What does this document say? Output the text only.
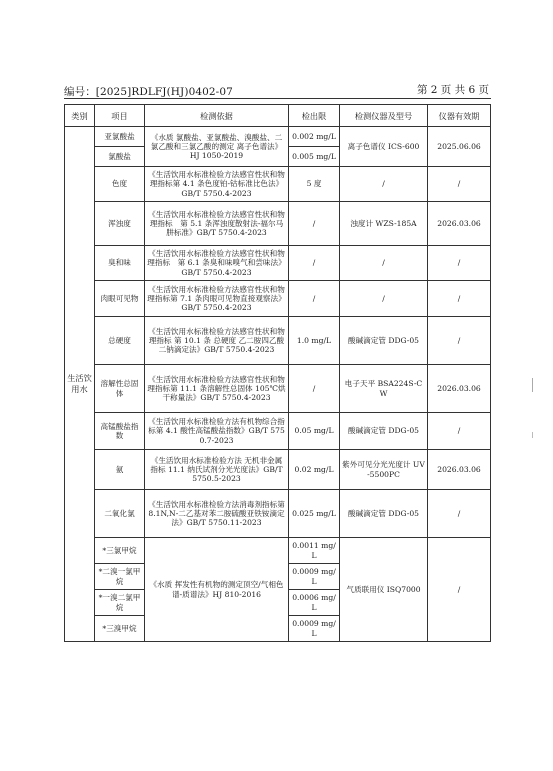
编号：[2025]RDLFJ(HJ)0402-07	第 2 页 共 6 页
类别	项目	检测依据	检出限	检测仪器及型号	仪器有效期
生活饮用水	亚氯酸盐	《水质 氯酸盐、亚氯酸盐、溴酸盐、二氯乙酸和三氯乙酸的测定 离子色谱法》 HJ 1050-2019	0.002 mg/L	离子色谱仪 ICS-600	2025.06.06
	氯酸盐		0.005 mg/L		
	色度	《生活饮用水标准检验方法感官性状和物理指标第 4.1 条色度铂-钴标准比色法》GB/T 5750.4-2023	5 度	/	/
	浑浊度	《生活饮用水标准检验方法感官性状和物理指标　第 5.1 条浑浊度散射法-福尔马肼标准》GB/T 5750.4-2023	/	浊度计 WZS-185A	2026.03.06
	臭和味	《生活饮用水标准检验方法感官性状和物理指标　第 6.1 条臭和味嗅气和尝味法》GB/T 5750.4-2023	/	/	/
	肉眼可见物	《生活饮用水标准检验方法感官性状和物理指标第 7.1 条肉眼可见物直接观察法》GB/T 5750.4-2023	/	/	/
	总硬度	《生活饮用水标准检验方法感官性状和物理指标 第 10.1 条 总硬度 乙二胺四乙酸二钠滴定法》GB/T 5750.4-2023	1.0 mg/L	酸碱滴定管 DDG-05	/
	溶解性总固体	《生活饮用水标准检验方法感官性状和物理指标第 11.1 条溶解性总固体 105℃烘干称量法》GB/T 5750.4-2023	/	电子天平 BSA224S-CW	2026.03.06
	高锰酸盐指数	《生活饮用水标准检验方法有机物综合指标第 4.1 酸性高锰酸盐指数》GB/T 5750.7-2023	0.05 mg/L	酸碱滴定管 DDG-05	/
	氨	《生活饮用水标准检验方法 无机非金属指标 11.1 纳氏试剂分光光度法》GB/T 5750.5-2023	0.02 mg/L	紫外可见分光光度计 UV-5500PC	2026.03.06
	二氧化氯	《生活饮用水标准检验方法消毒剂指标第 8.1N,N-二乙基对苯二胺硫酸亚铁铵滴定法》GB/T 5750.11-2023	0.025 mg/L	酸碱滴定管 DDG-05	/
	*三氯甲烷	《水质 挥发性有机物的测定顶空/气相色谱-质谱法》HJ 810-2016	0.0011 mg/L	气质联用仪 ISQ7000	/
	*二溴一氯甲烷		0.0009 mg/L		
	*一溴二氯甲烷		0.0006 mg/L		
	*三溴甲烷		0.0009 mg/L		
